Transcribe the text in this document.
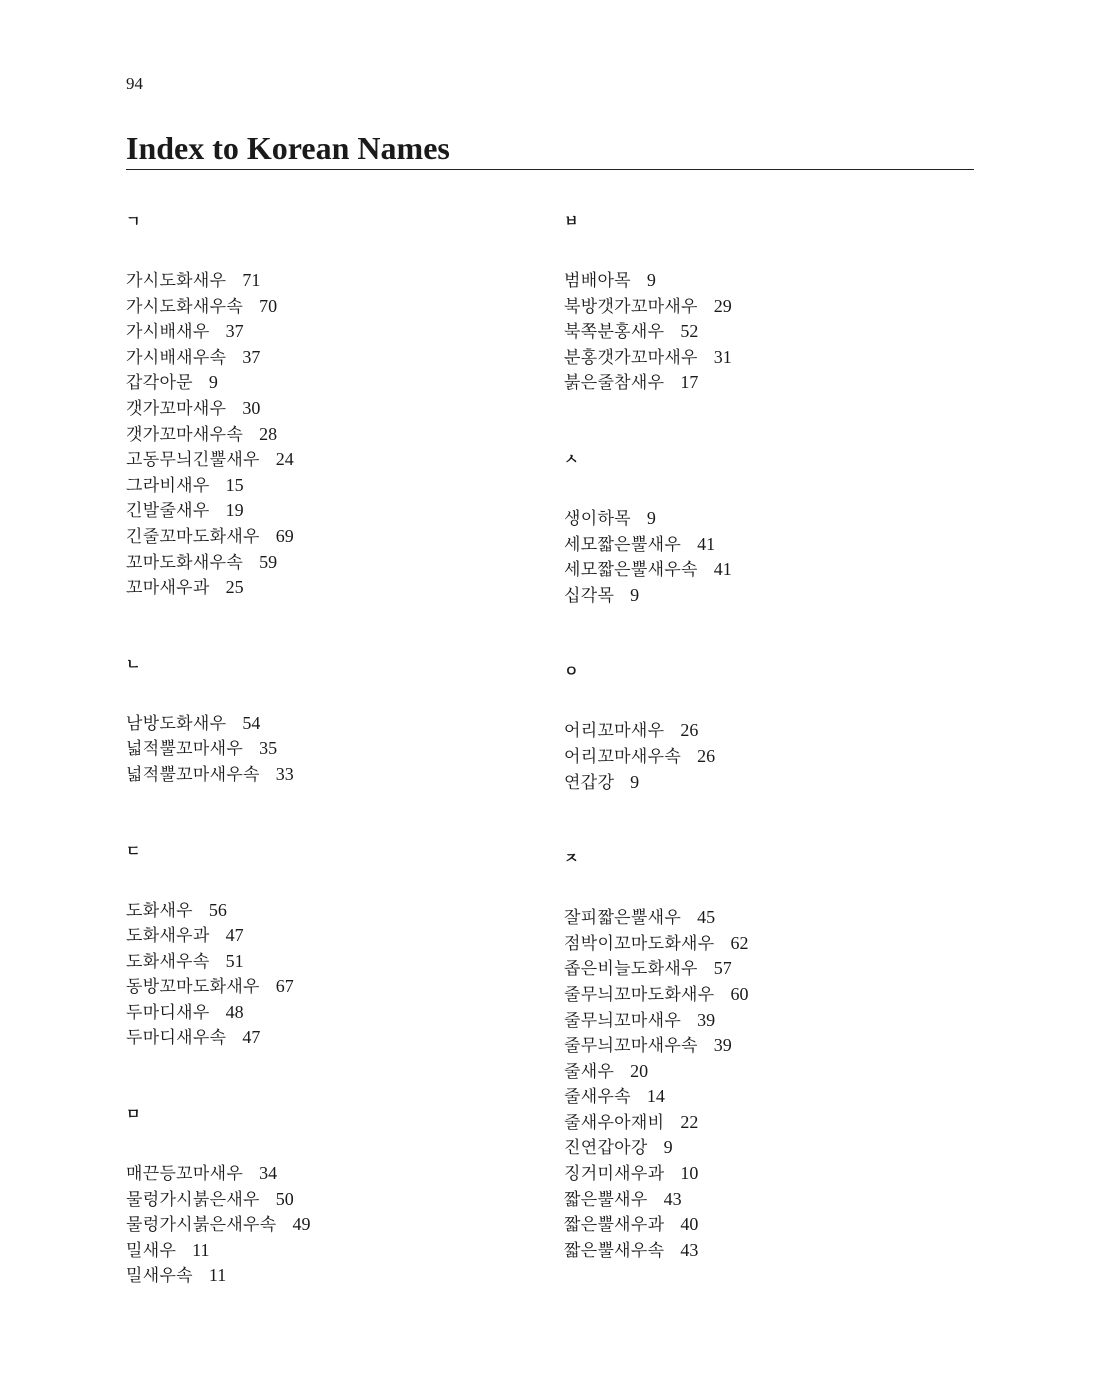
94
Index to Korean Names
ㄱ
가시도화새우 71
가시도화새우속 70
가시배새우 37
가시배새우속 37
갑각아문 9
갯가꼬마새우 30
갯가꼬마새우속 28
고동무늬긴뿔새우 24
그라비새우 15
긴발줄새우 19
긴줄꼬마도화새우 69
꼬마도화새우속 59
꼬마새우과 25
ㄴ
남방도화새우 54
넓적뿔꼬마새우 35
넓적뿔꼬마새우속 33
ㄷ
도화새우 56
도화새우과 47
도화새우속 51
동방꼬마도화새우 67
두마디새우 48
두마디새우속 47
ㅁ
매끈등꼬마새우 34
물렁가시붉은새우 50
물렁가시붉은새우속 49
밀새우 11
밀새우속 11
ㅂ
범배아목 9
북방갯가꼬마새우 29
북쪽분홍새우 52
분홍갯가꼬마새우 31
붉은줄참새우 17
ㅅ
생이하목 9
세모짧은뿔새우 41
세모짧은뿔새우속 41
십각목 9
ㅇ
어리꼬마새우 26
어리꼬마새우속 26
연갑강 9
ㅈ
잘피짧은뿔새우 45
점박이꼬마도화새우 62
좁은비늘도화새우 57
줄무늬꼬마도화새우 60
줄무늬꼬마새우 39
줄무늬꼬마새우속 39
줄새우 20
줄새우속 14
줄새우아재비 22
진연갑아강 9
징거미새우과 10
짧은뿔새우 43
짧은뿔새우과 40
짧은뿔새우속 43
